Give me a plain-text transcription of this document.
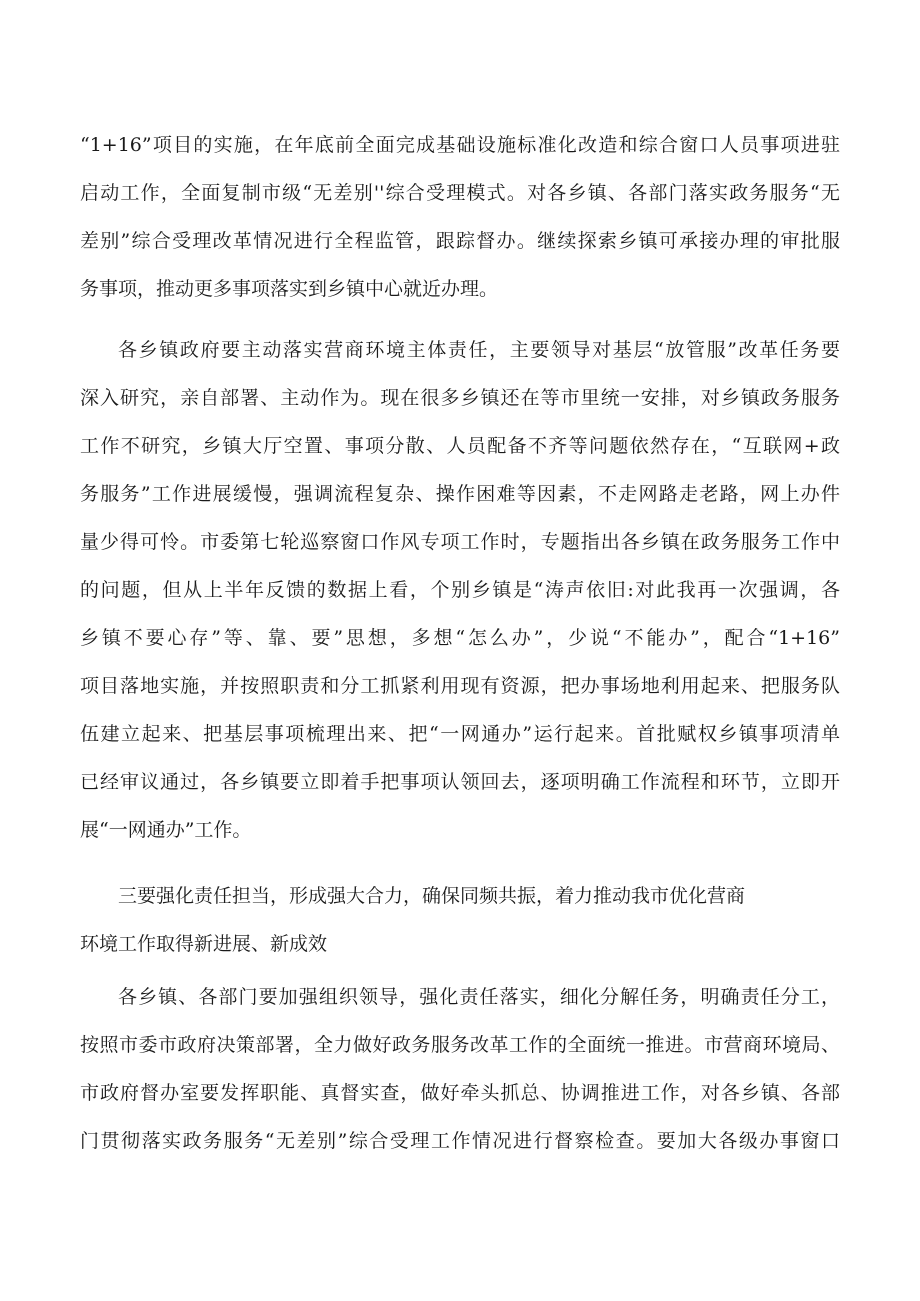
“1+16”项目的实施，在年底前全面完成基础设施标准化改造和综合窗口人员事项进驻
启动工作，全面复制市级“无差别''综合受理模式。对各乡镇、各部门落实政务服务“无
差别”综合受理改革情况进行全程监管，跟踪督办。继续探索乡镇可承接办理的审批服
务事项，推动更多事项落实到乡镇中心就近办理。
各乡镇政府要主动落实营商环境主体责任，主要领导对基层“放管服”改革任务要
深入研究，亲自部署、主动作为。现在很多乡镇还在等市里统一安排，对乡镇政务服务
工作不研究，乡镇大厅空置、事项分散、人员配备不齐等问题依然存在，“互联网+政
务服务”工作进展缓慢，强调流程复杂、操作困难等因素，不走网路走老路，网上办件
量少得可怜。市委第七轮巡察窗口作风专项工作时，专题指出各乡镇在政务服务工作中
的问题，但从上半年反馈的数据上看，个别乡镇是“涛声依旧:对此我再一次强调，各
乡镇不要心存”等、靠、要”思想，多想“怎么办”，少说“不能办”，配合“1+16”
项目落地实施，并按照职责和分工抓紧利用现有资源，把办事场地利用起来、把服务队
伍建立起来、把基层事项梳理出来、把“一网通办”运行起来。首批赋权乡镇事项清单
已经审议通过，各乡镇要立即着手把事项认领回去，逐项明确工作流程和环节，立即开
展“一网通办”工作。
三要强化责任担当，形成强大合力，确保同频共振，着力推动我市优化营商
环境工作取得新进展、新成效
各乡镇、各部门要加强组织领导，强化责任落实，细化分解任务，明确责任分工，
按照市委市政府决策部署，全力做好政务服务改革工作的全面统一推进。市营商环境局、
市政府督办室要发挥职能、真督实查，做好牵头抓总、协调推进工作，对各乡镇、各部
门贯彻落实政务服务“无差别”综合受理工作情况进行督察检查。要加大各级办事窗口
